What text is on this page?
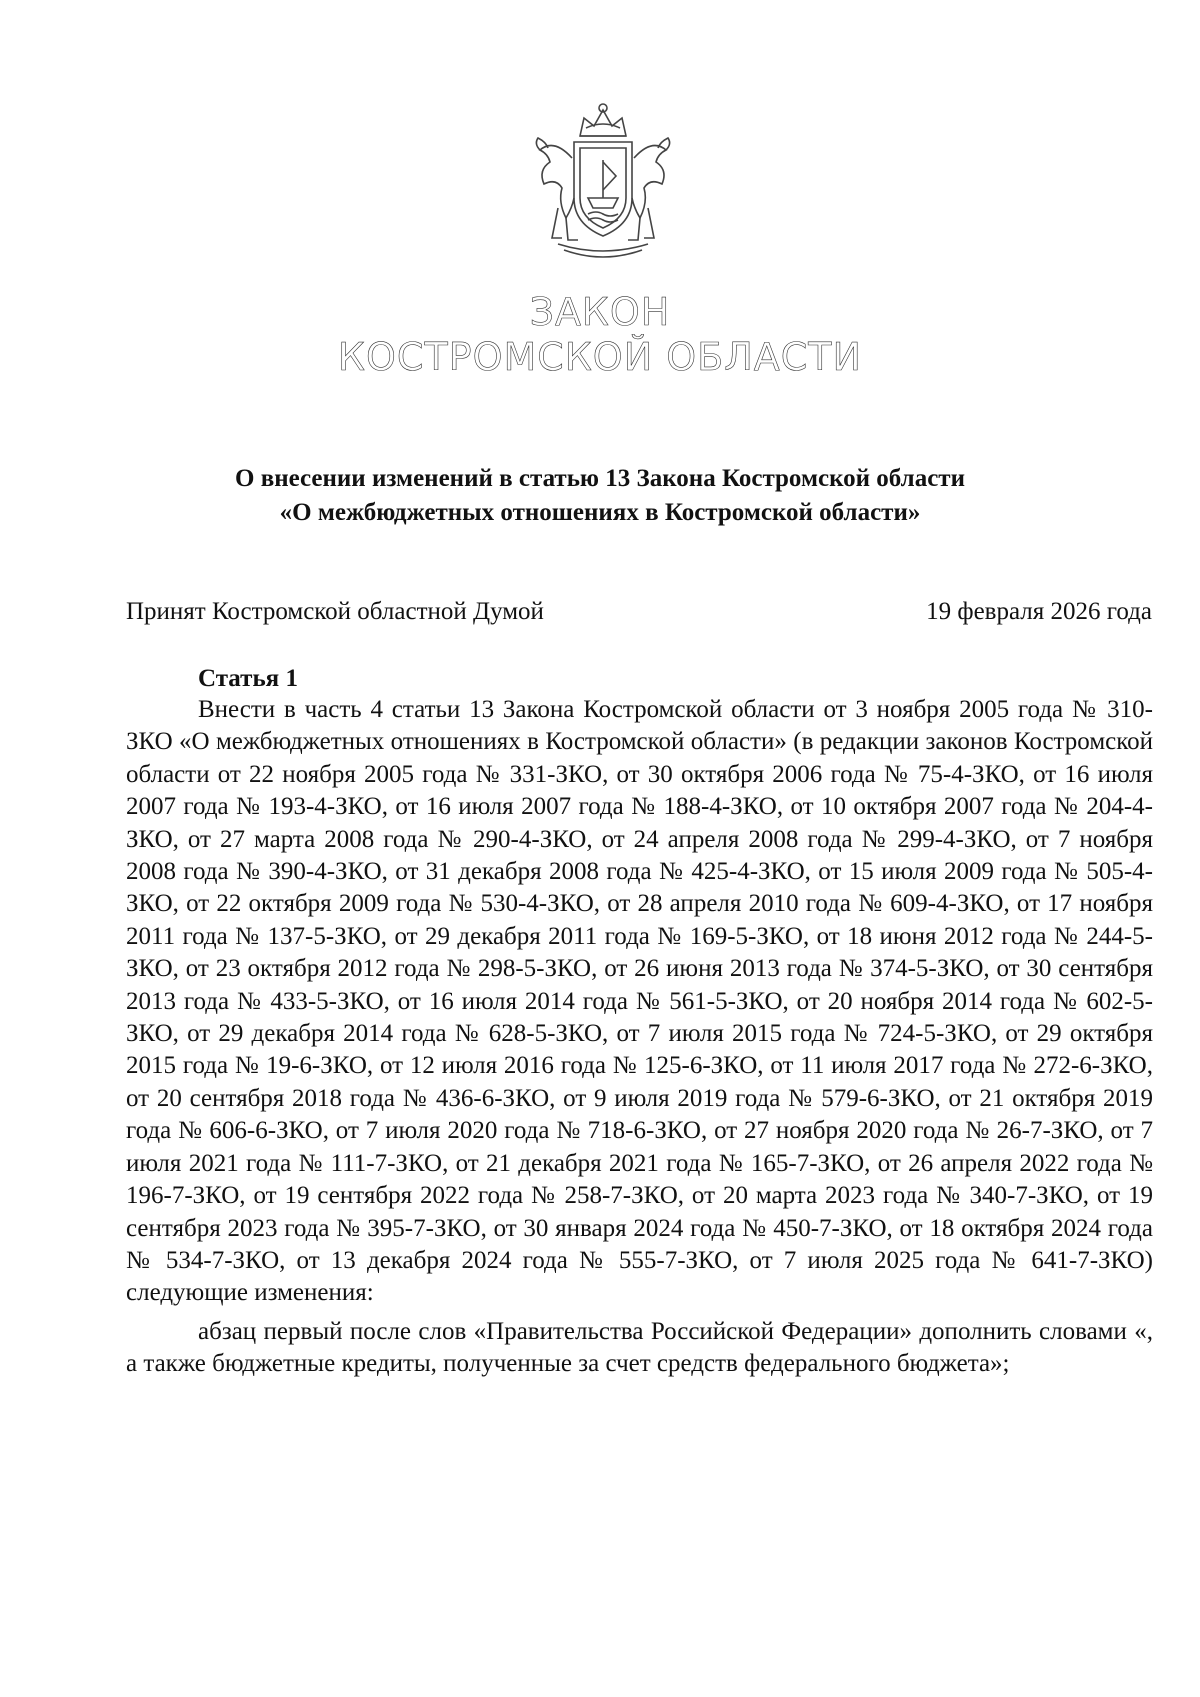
ЗАКОН
КОСТРОМСКОЙ ОБЛАСТИ
О внесении изменений в статью 13 Закона Костромской области
«О межбюджетных отношениях в Костромской области»
Принят Костромской областной Думой	19 февраля 2026 года
Статья 1

Внести в часть 4 статьи 13 Закона Костромской области от 3 ноября 2005 года № 310-ЗКО «О межбюджетных отношениях в Костромской области» (в редакции законов Костромской области от 22 ноября 2005 года № 331-ЗКО, от 30 октября 2006 года № 75-4-ЗКО, от 16 июля 2007 года № 193-4-ЗКО, от 16 июля 2007 года № 188-4-ЗКО, от 10 октября 2007 года № 204-4-ЗКО, от 27 марта 2008 года № 290-4-ЗКО, от 24 апреля 2008 года № 299-4-ЗКО, от 7 ноября 2008 года № 390-4-ЗКО, от 31 декабря 2008 года № 425-4-ЗКО, от 15 июля 2009 года № 505-4-ЗКО, от 22 октября 2009 года № 530-4-ЗКО, от 28 апреля 2010 года № 609-4-ЗКО, от 17 ноября 2011 года № 137-5-ЗКО, от 29 декабря 2011 года № 169-5-ЗКО, от 18 июня 2012 года № 244-5-ЗКО, от 23 октября 2012 года № 298-5-ЗКО, от 26 июня 2013 года № 374-5-ЗКО, от 30 сентября 2013 года № 433-5-ЗКО, от 16 июля 2014 года № 561-5-ЗКО, от 20 ноября 2014 года № 602-5-ЗКО, от 29 декабря 2014 года № 628-5-ЗКО, от 7 июля 2015 года № 724-5-ЗКО, от 29 октября 2015 года № 19-6-ЗКО, от 12 июля 2016 года № 125-6-ЗКО, от 11 июля 2017 года № 272-6-ЗКО, от 20 сентября 2018 года № 436-6-ЗКО, от 9 июля 2019 года № 579-6-ЗКО, от 21 октября 2019 года № 606-6-ЗКО, от 7 июля 2020 года № 718-6-ЗКО, от 27 ноября 2020 года № 26-7-ЗКО, от 7 июля 2021 года № 111-7-ЗКО, от 21 декабря 2021 года № 165-7-ЗКО, от 26 апреля 2022 года № 196-7-ЗКО, от 19 сентября 2022 года № 258-7-ЗКО, от 20 марта 2023 года № 340-7-ЗКО, от 19 сентября 2023 года № 395-7-ЗКО, от 30 января 2024 года № 450-7-ЗКО, от 18 октября 2024 года № 534-7-ЗКО, от 13 декабря 2024 года № 555-7-ЗКО, от 7 июля 2025 года № 641-7-ЗКО) следующие изменения:

абзац первый после слов «Правительства Российской Федерации» дополнить словами «, а также бюджетные кредиты, полученные за счет средств федерального бюджета»;
